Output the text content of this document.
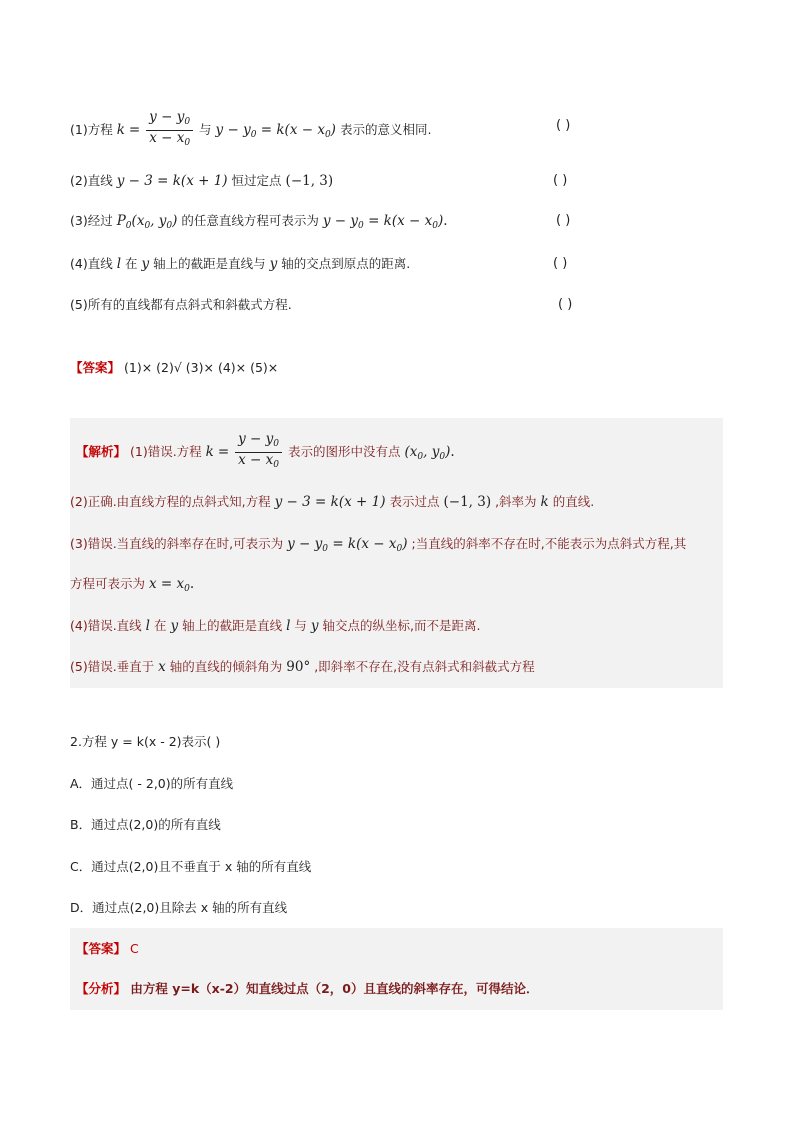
(1)方程 $k = \frac{y - y_0}{x - x_0}$ 与 $y - y_0 = k(x - x_0)$ 表示的意义相同.	( )
(2)直线 y − 3 = k(x + 1) 恒过定点 (−1, 3)	( )
(3)经过 $P_0(x_0$, $y_0$) 的任意直线方程可表示为 $y - y_0 = k(x - x_0)$.	( )
(4)直线 l 在 y 轴上的截距是直线与 y 轴的交点到原点的距离.	( )
(5)所有的直线都有点斜式和斜截式方程.	( )
【答案】 (1)× (2)√ (3)× (4)× (5)×
【解析】 (1)错误.方程 $k = \frac{y - y_0}{x - x_0}$ 表示的图形中没有点 ($x_0$, $y_0$).
(2)正确.由直线方程的点斜式知,方程 y − 3 = k(x + 1) 表示过点 (−1, 3) ,斜率为 k 的直线.
(3)错误.当直线的斜率存在时,可表示为 $y - y_0 = k(x - x_0)$ ;当直线的斜率不存在时,不能表示为点斜式方程,其
方程可表示为 $x = x_0$.
(4)错误.直线 l 在 y 轴上的截距是直线 l 与 y 轴交点的纵坐标,而不是距离.
(5)错误.垂直于 x 轴的直线的倾斜角为 90° ,即斜率不存在,没有点斜式和斜截式方程
2.方程 y = k(x - 2)表示( )
A．通过点( - 2,0)的所有直线
B．通过点(2,0)的所有直线
C．通过点(2,0)且不垂直于 x 轴的所有直线
D．通过点(2,0)且除去 x 轴的所有直线
【答案】 C
【分析】 由方程 y=k（x-2）知直线过点（2，0）且直线的斜率存在，可得结论．
